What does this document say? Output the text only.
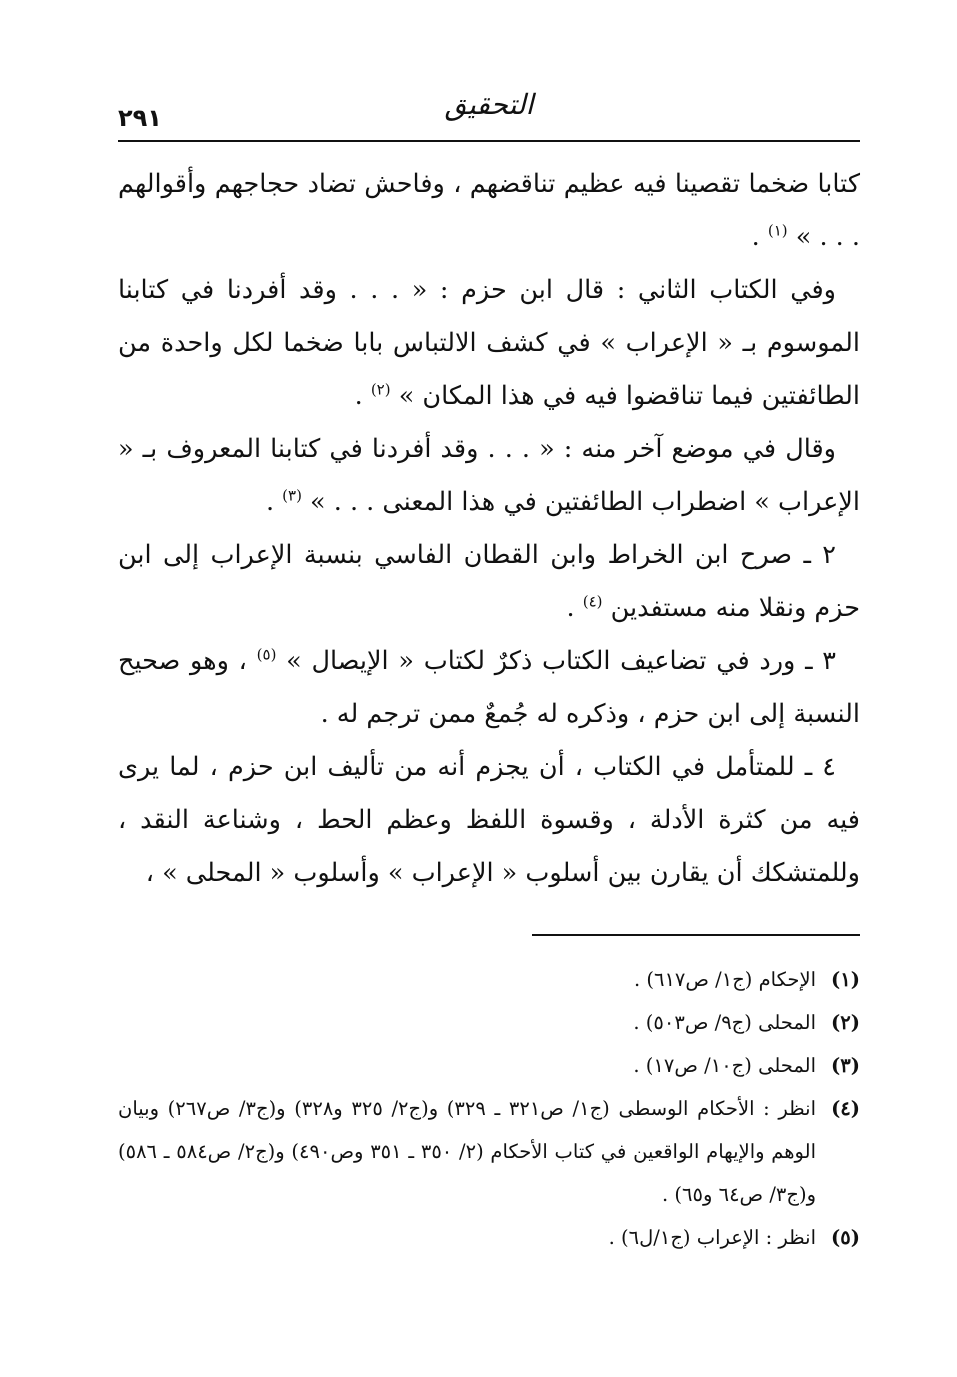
٢٩١	التحقيق

كتابا ضخما تقصينا فيه عظيم تناقضهم ، وفاحش تضاد حجاجهم وأقوالهم . . . » $^{(١)}$ .

وفي الكتاب الثاني : قال ابن حزم : « . . . وقد أفردنا في كتابنا الموسوم بـ « الإعراب » في كشف الالتباس بابا ضخما لكل واحدة من الطائفتين فيما تناقضوا فيه في هذا المكان » $^{(٢)}$ .

وقال في موضع آخر منه : « . . . وقد أفردنا في كتابنا المعروف بـ « الإعراب » اضطراب الطائفتين في هذا المعنى . . . » $^{(٣)}$ .

٢ ـ صرح ابن الخراط وابن القطان الفاسي بنسبة الإعراب إلى ابن حزم ونقلا منه مستفدين $^{(٤)}$ .

٣ ـ ورد في تضاعيف الكتاب ذكرٌ لكتاب « الإيصال » $^{(٥)}$ ، وهو صحيح النسبة إلى ابن حزم ، وذكره له جُمعٌ ممن ترجم له .

٤ ـ للمتأمل في الكتاب ، أن يجزم أنه من تأليف ابن حزم ، لما يرى فيه من كثرة الأدلة ، وقسوة اللفظ وعظم الحط ، وشناعة النقد ، وللمتشكك أن يقارن بين أسلوب « الإعراب » وأسلوب « المحلى » ،

(١)الإحكام (ج١/ ص٦١٧) .

(٢)المحلى (ج٩/ ص٥٠٣) .

(٣)المحلى (ج١٠/ ص١٧) .

(٤)انظر : الأحكام الوسطى (ج١/ ص٣٢١ ـ ٣٢٩) و(ج٢/ ٣٢٥ و٣٢٨) و(ج٣/ ص٢٦٧) وبيان الوهم والإيهام الواقعين في كتاب الأحكام (٢/ ٣٥٠ ـ ٣٥١ وص٤٩٠) و(ج٢/ ص٥٨٤ ـ ٥٨٦) و(ج٣/ ص٦٤ و٦٥) .

(٥)انظر : الإعراب (ج١/ل٦) .
